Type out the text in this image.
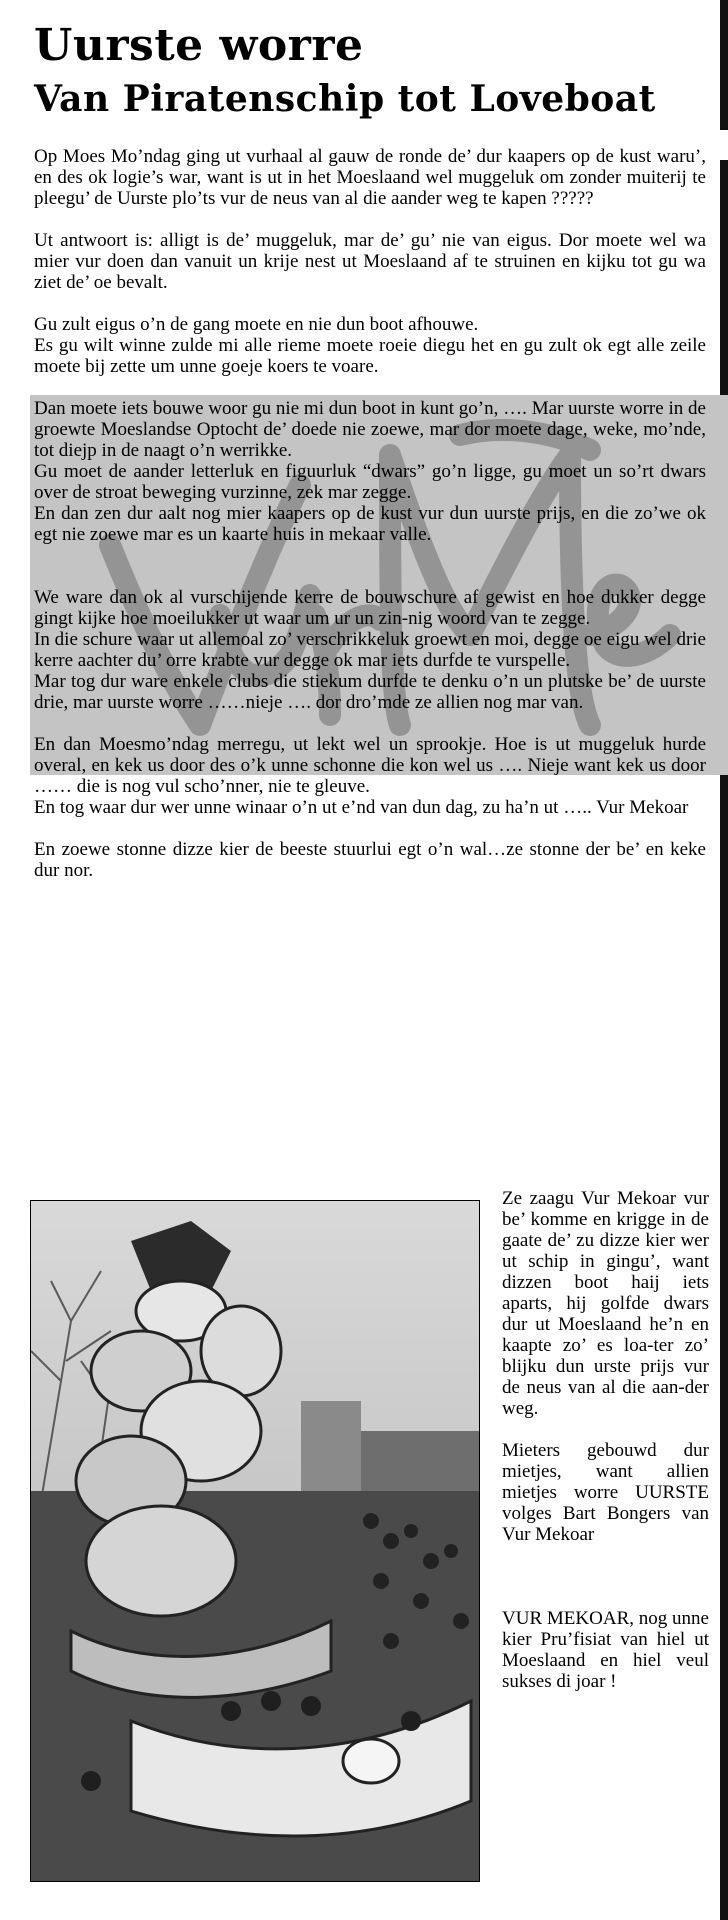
Uurste worre
Van Piratenschip tot Loveboat

Op Moes Mo’ndag ging ut vurhaal al gauw de ronde de’ dur kaapers op de kust waru’, en des ok logie’s war, want is ut in het Moeslaand wel muggeluk om zonder muiterij te pleegu’ de Uurste plo’ts vur de neus van al die aander weg te kapen ?????

Ut antwoort is: alligt is de’ muggeluk, mar de’ gu’ nie van eigus. Dor moete wel wa mier vur doen dan vanuit un krije nest ut Moeslaand af te struinen en kijku tot gu wa ziet de’ oe bevalt.

Gu zult eigus o’n de gang moete en nie dun boot afhouwe.
Es gu wilt winne zulde mi alle rieme moete roeie diegu het en gu zult ok egt alle zeile moete bij zette um unne goeje koers te voare.

Dan moete iets bouwe woor gu nie mi dun boot in kunt go’n, …. Mar uurste worre in de groewte Moeslandse Optocht de’ doede nie zoewe, mar dor moete dage, weke, mo’nde, tot diejp in de naagt o’n werrikke.
Gu moet de aander letterluk en figuurluk “dwars” go’n ligge, gu moet un so’rt dwars over de stroat beweging vurzinne, zek mar zegge.
En dan zen dur aalt nog mier kaapers op de kust vur dun uurste prijs, en die zo’we ok egt nie zoewe mar es un kaarte huis in mekaar valle.

We ware dan ok al vurschijende kerre de bouwschure af gewist en hoe dukker degge gingt kijke hoe moeilukker ut waar um ur un zin-nig woord van te zegge.
In die schure waar ut allemoal zo’ verschrikkeluk groewt en moi, degge oe eigu wel drie kerre aachter du’ orre krabte vur degge ok mar iets durfde te vurspelle.
Mar tog dur ware enkele clubs die stiekum durfde te denku o’n un plutske be’ de uurste drie, mar uurste worre ……nieje …. dor dro’mde ze allien nog mar van.

En dan Moesmo’ndag merregu, ut lekt wel un sprookje. Hoe is ut muggeluk hurde overal, en kek us door des o’k unne schonne die kon wel us …. Nieje want kek us door …… die is nog vul scho’nner, nie te gleuve.
En tog waar dur wer unne winaar o’n ut e’nd van dun dag, zu ha’n ut ….. Vur Mekoar

En zoewe stonne dizze kier de beeste stuurlui egt o’n wal…ze stonne der be’ en keke dur nor.

Ze zaagu Vur Mekoar vur be’ komme en krigge in de gaate de’ zu dizze kier wer ut schip in gingu’, want dizzen boot haij iets aparts, hij golfde dwars dur ut Moeslaand he’n en kaapte zo’ es loa-ter zo’ blijku dun urste prijs vur de neus van al die aan-der weg.

Mieters gebouwd dur mietjes, want allien mietjes worre UURSTE volges Bart Bongers van Vur Mekoar

VUR MEKOAR, nog unne kier Pru’fisiat van hiel ut Moeslaand en hiel veul sukses di joar !
